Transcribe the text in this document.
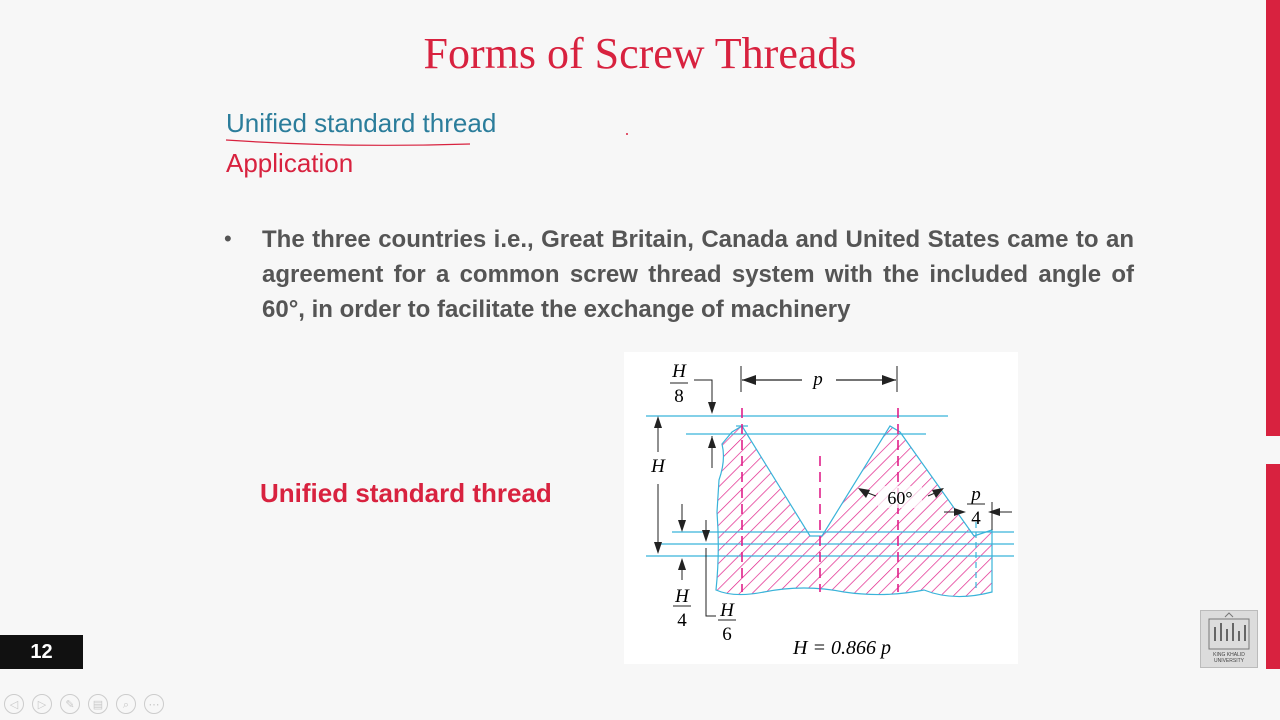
Forms of Screw Threads
Unified standard thread
Application
• The three countries i.e., Great Britain, Canada and United States came to an agreement for a common screw thread system with the included angle of 60°, in order to facilitate the exchange of machinery
Unified standard thread
p
H
8
H
H
4 H
6
60°	p
4
H = 0.866 p
12	KING KHALID UNIVERSITY
◁	▷	✎	▤	⌕	⋯
